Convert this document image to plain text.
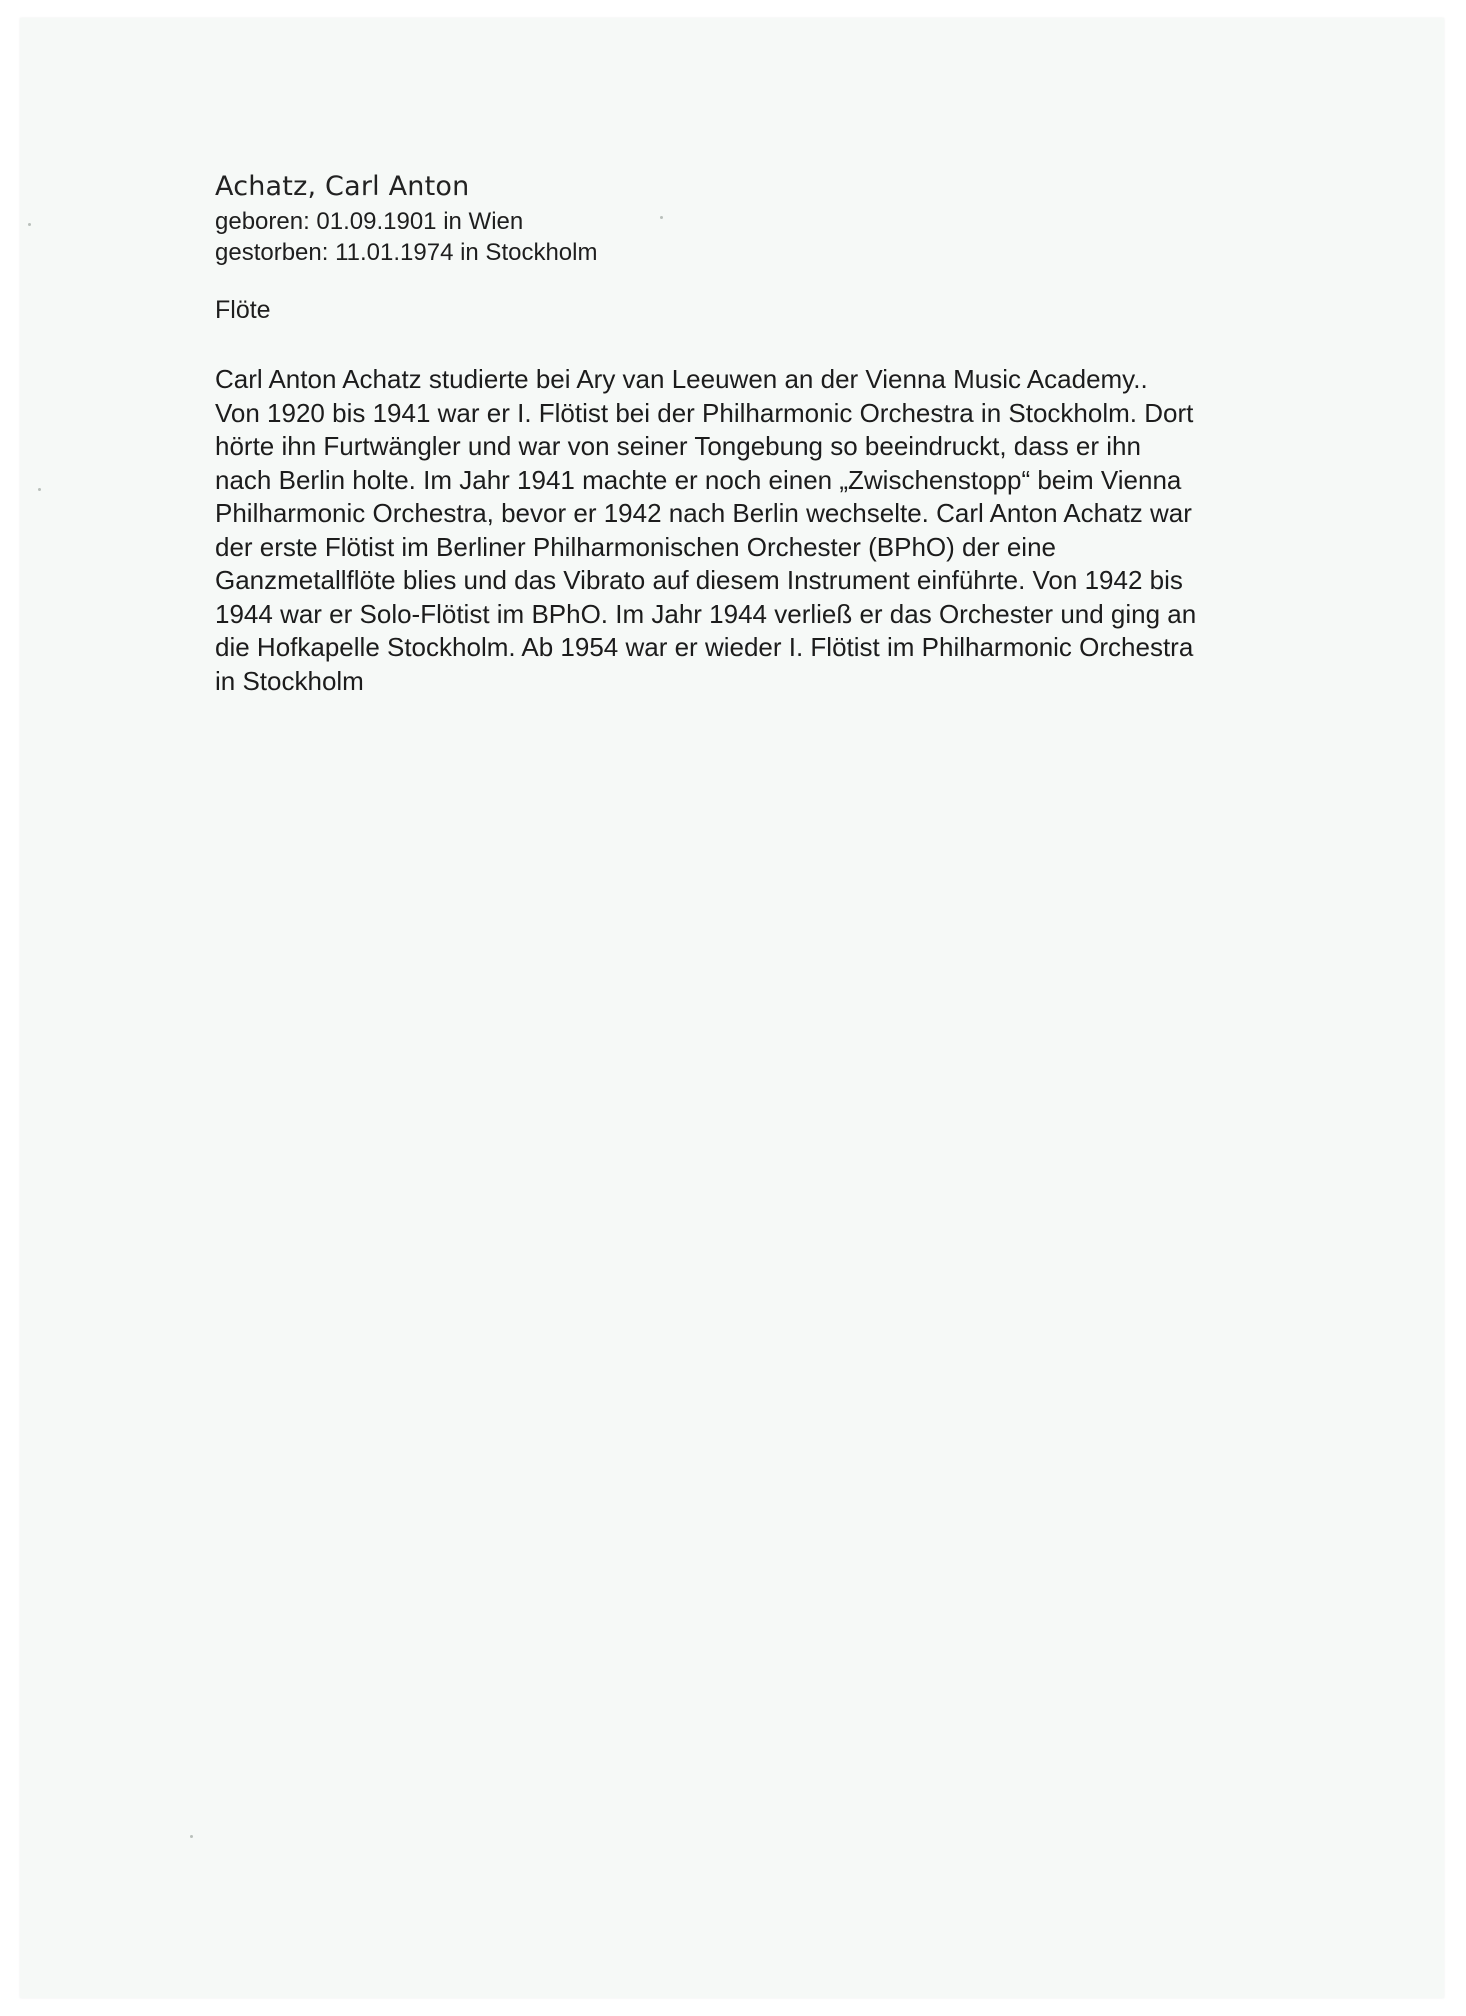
Achatz, Carl Anton
geboren: 01.09.1901 in Wien
gestorben: 11.01.1974 in Stockholm
Flöte
Carl Anton Achatz studierte bei Ary van Leeuwen an der Vienna Music Academy..
Von 1920 bis 1941 war er I. Flötist bei der Philharmonic Orchestra in Stockholm. Dort
hörte ihn Furtwängler und war von seiner Tongebung so beeindruckt, dass er ihn
nach Berlin holte. Im Jahr 1941 machte er noch einen „Zwischenstopp“ beim Vienna
Philharmonic Orchestra, bevor er 1942 nach Berlin wechselte. Carl Anton Achatz war
der erste Flötist im Berliner Philharmonischen Orchester (BPhO) der eine
Ganzmetallflöte blies und das Vibrato auf diesem Instrument einführte. Von 1942 bis
1944 war er Solo-Flötist im BPhO. Im Jahr 1944 verließ er das Orchester und ging an
die Hofkapelle Stockholm. Ab 1954 war er wieder I. Flötist im Philharmonic Orchestra
in Stockholm
